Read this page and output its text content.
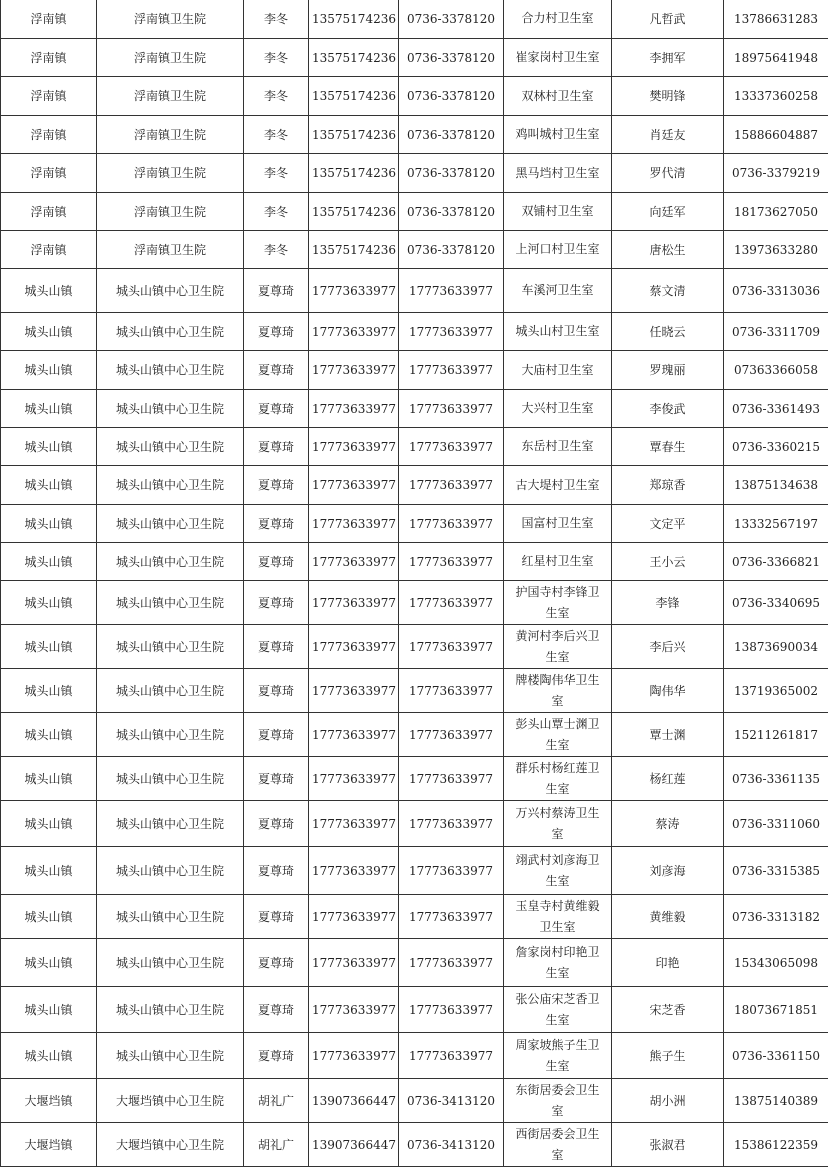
浮南镇	浮南镇卫生院	李冬	13575174236	0736-3378120	合力村卫生室	凡哲武	13786631283
浮南镇	浮南镇卫生院	李冬	13575174236	0736-3378120	崔家岗村卫生室	李拥军	18975641948
浮南镇	浮南镇卫生院	李冬	13575174236	0736-3378120	双林村卫生室	樊明锋	13337360258
浮南镇	浮南镇卫生院	李冬	13575174236	0736-3378120	鸡叫城村卫生室	肖廷友	15886604887
浮南镇	浮南镇卫生院	李冬	13575174236	0736-3378120	黑马垱村卫生室	罗代清	0736-3379219
浮南镇	浮南镇卫生院	李冬	13575174236	0736-3378120	双铺村卫生室	向廷军	18173627050
浮南镇	浮南镇卫生院	李冬	13575174236	0736-3378120	上河口村卫生室	唐松生	13973633280
城头山镇	城头山镇中心卫生院	夏尊琦	17773633977	17773633977	车溪河卫生室	蔡文清	0736-3313036
城头山镇	城头山镇中心卫生院	夏尊琦	17773633977	17773633977	城头山村卫生室	任晓云	0736-3311709
城头山镇	城头山镇中心卫生院	夏尊琦	17773633977	17773633977	大庙村卫生室	罗瑰丽	07363366058
城头山镇	城头山镇中心卫生院	夏尊琦	17773633977	17773633977	大兴村卫生室	李俊武	0736-3361493
城头山镇	城头山镇中心卫生院	夏尊琦	17773633977	17773633977	东岳村卫生室	覃春生	0736-3360215
城头山镇	城头山镇中心卫生院	夏尊琦	17773633977	17773633977	古大堤村卫生室	郑琼香	13875134638
城头山镇	城头山镇中心卫生院	夏尊琦	17773633977	17773633977	国富村卫生室	文定平	13332567197
城头山镇	城头山镇中心卫生院	夏尊琦	17773633977	17773633977	红星村卫生室	王小云	0736-3366821
城头山镇	城头山镇中心卫生院	夏尊琦	17773633977	17773633977	护国寺村李锋卫生室	李锋	0736-3340695
城头山镇	城头山镇中心卫生院	夏尊琦	17773633977	17773633977	黄河村李后兴卫生室	李后兴	13873690034
城头山镇	城头山镇中心卫生院	夏尊琦	17773633977	17773633977	牌楼陶伟华卫生室	陶伟华	13719365002
城头山镇	城头山镇中心卫生院	夏尊琦	17773633977	17773633977	彭头山覃士渊卫生室	覃士渊	15211261817
城头山镇	城头山镇中心卫生院	夏尊琦	17773633977	17773633977	群乐村杨红莲卫生室	杨红莲	0736-3361135
城头山镇	城头山镇中心卫生院	夏尊琦	17773633977	17773633977	万兴村蔡涛卫生室	蔡涛	0736-3311060
城头山镇	城头山镇中心卫生院	夏尊琦	17773633977	17773633977	翊武村刘彦海卫生室	刘彦海	0736-3315385
城头山镇	城头山镇中心卫生院	夏尊琦	17773633977	17773633977	玉皇寺村黄维毅卫生室	黄维毅	0736-3313182
城头山镇	城头山镇中心卫生院	夏尊琦	17773633977	17773633977	詹家岗村印艳卫生室	印艳	15343065098
城头山镇	城头山镇中心卫生院	夏尊琦	17773633977	17773633977	张公庙宋芝香卫生室	宋芝香	18073671851
城头山镇	城头山镇中心卫生院	夏尊琦	17773633977	17773633977	周家坡熊子生卫生室	熊子生	0736-3361150
大堰垱镇	大堰垱镇中心卫生院	胡礼广	13907366447	0736-3413120	东街居委会卫生室	胡小洲	13875140389
大堰垱镇	大堰垱镇中心卫生院	胡礼广	13907366447	0736-3413120	西街居委会卫生室	张淑君	15386122359
